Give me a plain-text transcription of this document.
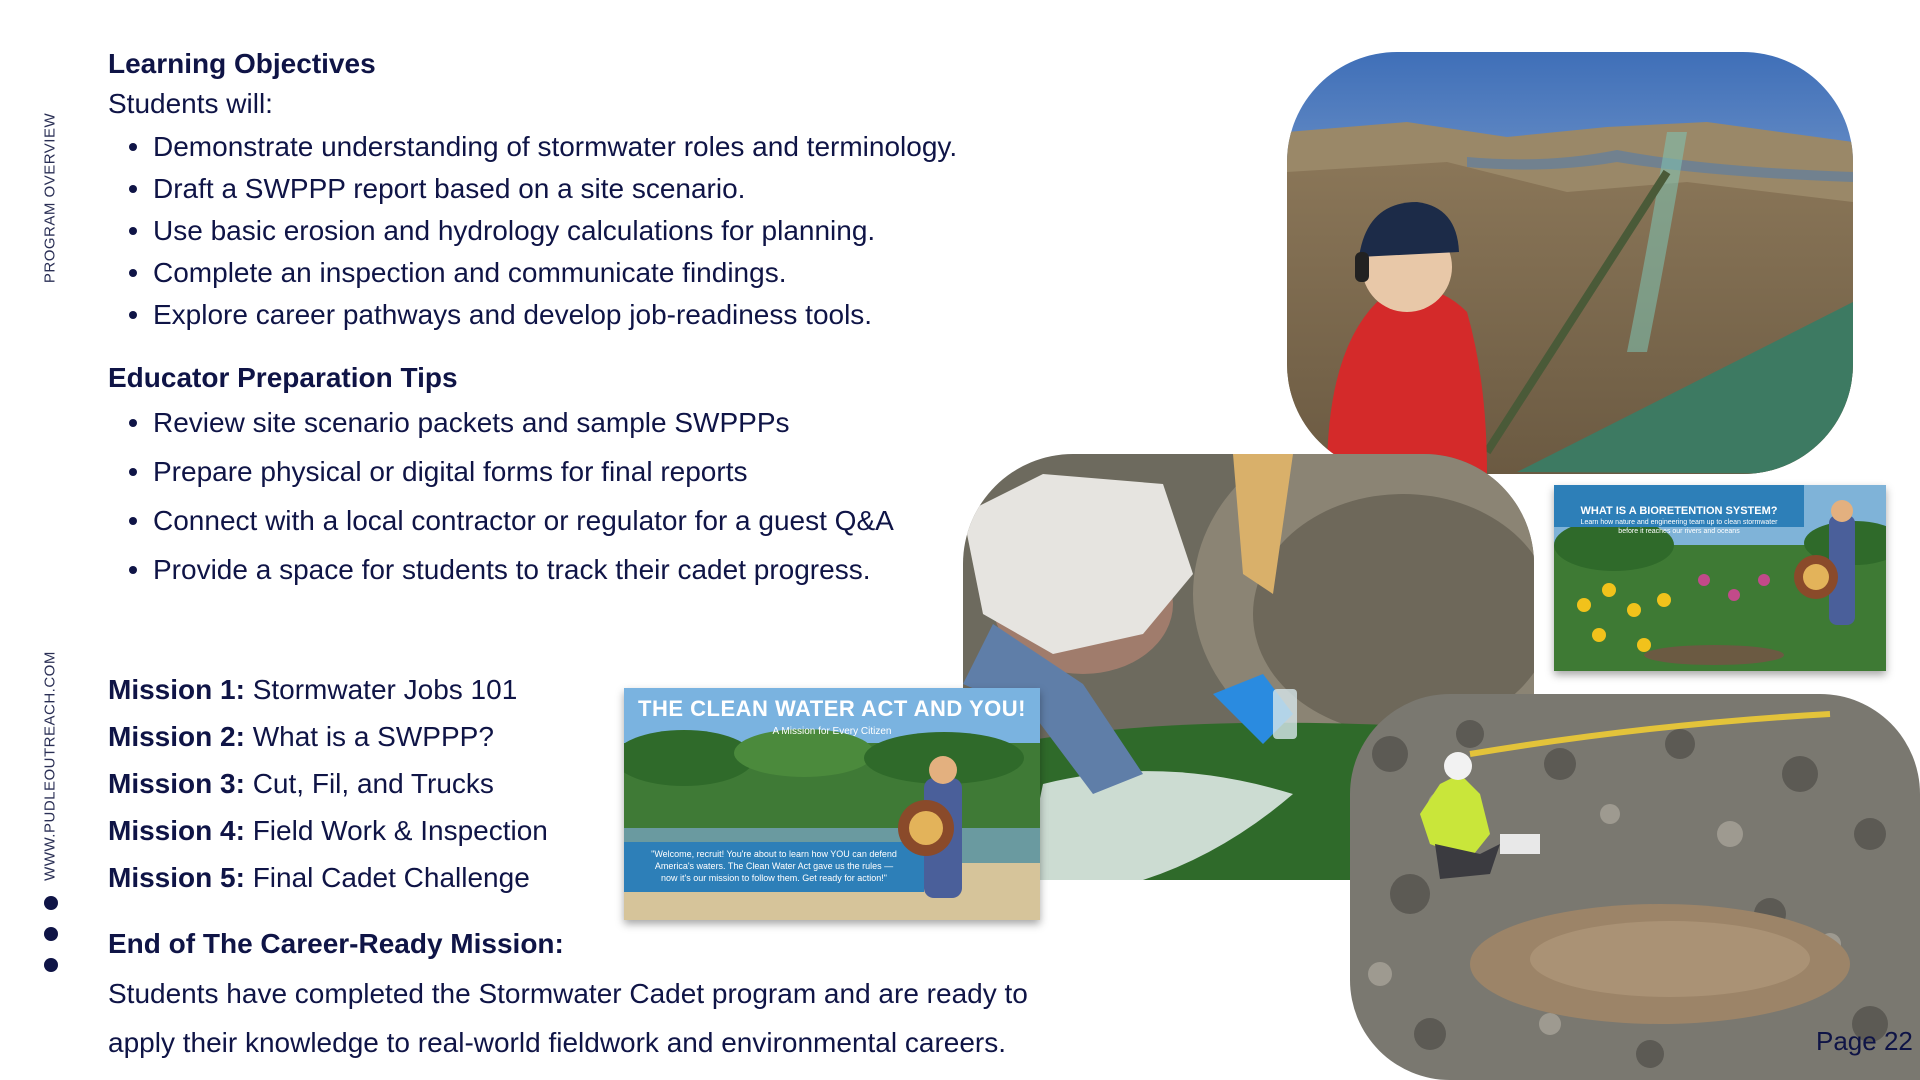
PROGRAM OVERVIEW
WWW.PUDLEOUTREACH.COM
Learning Objectives
Students will:
Demonstrate understanding of stormwater roles and terminology.
Draft a SWPPP report based on a site scenario.
Use basic erosion and hydrology calculations for planning.
Complete an inspection and communicate findings.
Explore career pathways and develop job-readiness tools.
Educator Preparation Tips
Review site scenario packets and sample SWPPPs
Prepare physical or digital forms for final reports
Connect with a local contractor or regulator for a guest Q&A
Provide a space for students to track their cadet progress.
Mission 1: Stormwater Jobs 101
Mission 2: What is a SWPPP?
Mission 3: Cut, Fil, and Trucks
Mission 4: Field Work & Inspection
Mission 5: Final Cadet Challenge
End of The Career-Ready Mission:
Students have completed the Stormwater Cadet program and are ready to
apply their knowledge to real-world fieldwork and environmental careers.
WHAT IS A BIORETENTION SYSTEM?
Learn how nature and engineering team up to clean stormwater
before it reaches our rivers and oceans
THE CLEAN WATER ACT AND YOU!
A Mission for Every Citizen
"Welcome, recruit! You're about to learn how YOU can defend
America's waters. The Clean Water Act gave us the rules —
now it's our mission to follow them. Get ready for action!"
Page 22
